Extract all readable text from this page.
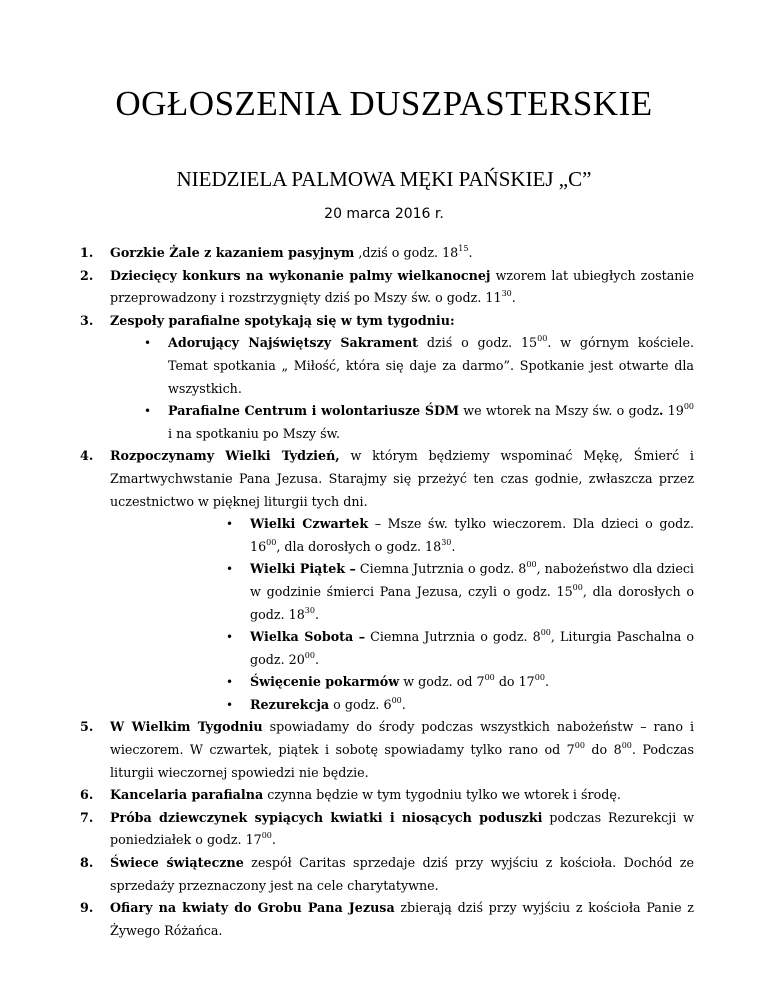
OGŁOSZENIA DUSZPASTERSKIE
NIEDZIELA PALMOWA MĘKI PAŃSKIEJ „C”
20 marca 2016 r.
1. Gorzkie Żale z kazaniem pasyjnym ,dziś o godz. $18^{15}$.
2. Dziecięcy konkurs na wykonanie palmy wielkanocnej wzorem lat ubiegłych zostanie przeprowadzony i rozstrzygnięty dziś po Mszy św. o godz. $11^{30}$.
3. Zespoły parafialne spotykają się w tym tygodniu:
• Adorujący Najświętszy Sakrament dziś o godz. $15^{00}$. w górnym kościele. Temat spotkania „ Miłość, która się daje za darmo”. Spotkanie jest otwarte dla wszystkich.
• Parafialne Centrum i wolontariusze ŚDM we wtorek na Mszy św. o godz. $19^{00}$ i na spotkaniu po Mszy św.
4. Rozpoczynamy Wielki Tydzień, w którym będziemy wspominać Mękę, Śmierć i Zmartwychwstanie Pana Jezusa. Starajmy się przeżyć ten czas godnie, zwłaszcza przez uczestnictwo w pięknej liturgii tych dni.
• Wielki Czwartek – Msze św. tylko wieczorem. Dla dzieci o godz. $16^{00}$, dla dorosłych o godz. $18^{30}$.
• Wielki Piątek – Ciemna Jutrznia o godz. $8^{00}$, nabożeństwo dla dzieci w godzinie śmierci Pana Jezusa, czyli o godz. $15^{00}$, dla dorosłych o godz. $18^{30}$.
• Wielka Sobota – Ciemna Jutrznia o godz. $8^{00}$, Liturgia Paschalna o godz. $20^{00}$.
• Święcenie pokarmów w godz. od $7^{00}$ do $17^{00}$.
• Rezurekcja o godz. $6^{00}$.
5. W Wielkim Tygodniu spowiadamy do środy podczas wszystkich nabożeństw – rano i wieczorem. W czwartek, piątek i sobotę spowiadamy tylko rano od $7^{00}$ do $8^{00}$. Podczas liturgii wieczornej spowiedzi nie będzie.
6. Kancelaria parafialna czynna będzie w tym tygodniu tylko we wtorek i środę.
7. Próba dziewczynek sypiących kwiatki i niosących poduszki podczas Rezurekcji w poniedziałek o godz. $17^{00}$.
8. Świece świąteczne zespół Caritas sprzedaje dziś przy wyjściu z kościoła. Dochód ze sprzedaży przeznaczony jest na cele charytatywne.
9. Ofiary na kwiaty do Grobu Pana Jezusa zbierają dziś przy wyjściu z kościoła Panie z Żywego Różańca.
